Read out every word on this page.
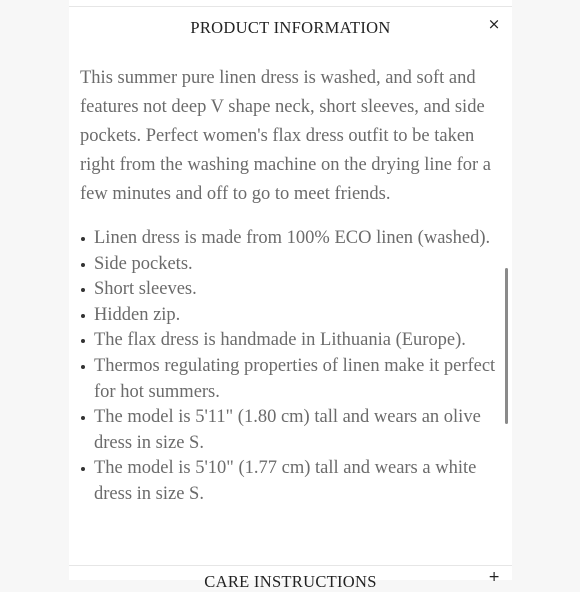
PRODUCT INFORMATION	×

This summer pure linen dress is washed, and soft and features not deep V shape neck, short sleeves, and side pockets. Perfect women's flax dress outfit to be taken right from the washing machine on the drying line for a few minutes and off to go to meet friends.

Linen dress is made from 100% ECO linen (washed).
Side pockets.
Short sleeves.
Hidden zip.
The flax dress is handmade in Lithuania (Europe).
Thermos regulating properties of linen make it perfect for hot summers.
The model is 5'11" (1.80 cm) tall and wears an olive dress in size S.
The model is 5'10" (1.77 cm) tall and wears a white dress in size S.
CARE INSTRUCTIONS	+
